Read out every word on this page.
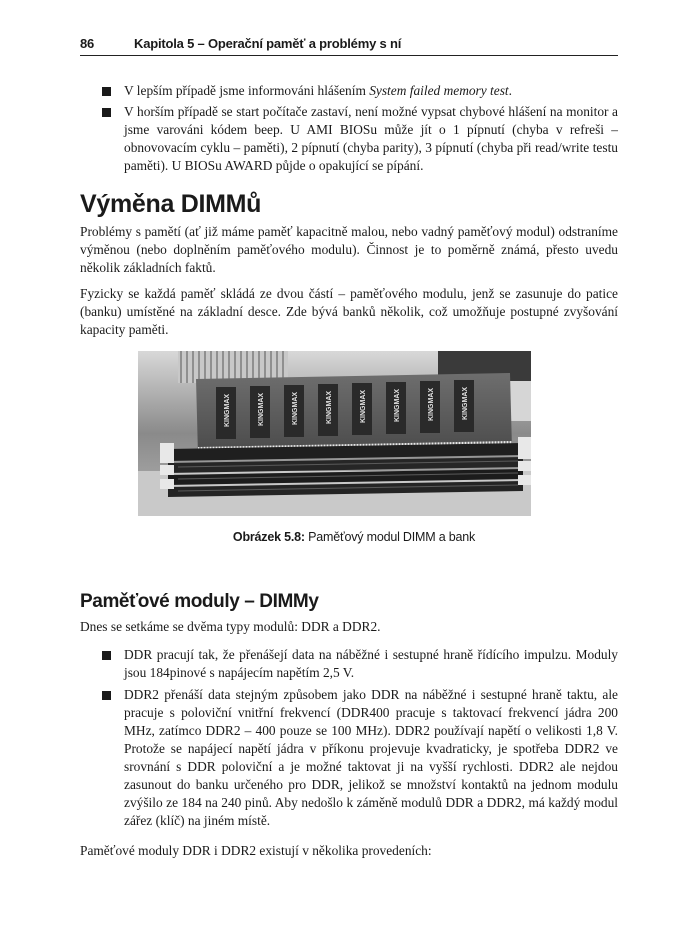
86	Kapitola 5 – Operační paměť a problémy s ní
V lepším případě jsme informováni hlášením System failed memory test.
V horším případě se start počítače zastaví, není možné vypsat chybové hlášení na monitor a jsme varováni kódem beep. U AMI BIOSu může jít o 1 pípnutí (chyba v refreši – obnovovacím cyklu – paměti), 2 pípnutí (chyba parity), 3 pípnutí (chyba při read/write testu paměti). U BIOSu AWARD půjde o opakující se pípání.
Výměna DIMMů
Problémy s pamětí (ať již máme paměť kapacitně malou, nebo vadný paměťový modul) odstraníme výměnou (nebo doplněním paměťového modulu). Činnost je to poměrně známá, přesto uvedu několik základních faktů.
Fyzicky se každá paměť skládá ze dvou částí – paměťového modulu, jenž se zasunuje do patice (banku) umístěné na základní desce. Zde bývá banků několik, což umožňuje postupné zvyšování kapacity paměti.
KINGMAX	KINGMAX	KINGMAX	KINGMAX	KINGMAX	KINGMAX	KINGMAX	KINGMAX
Obrázek 5.8: Paměťový modul DIMM a bank
Paměťové moduly – DIMMy
Dnes se setkáme se dvěma typy modulů: DDR a DDR2.
DDR pracují tak, že přenášejí data na náběžné i sestupné hraně řídícího impulzu. Moduly jsou 184pinové s napájecím napětím 2,5 V.
DDR2 přenáší data stejným způsobem jako DDR na náběžné i sestupné hraně taktu, ale pracuje s poloviční vnitřní frekvencí (DDR400 pracuje s taktovací frekvencí jádra 200 MHz, zatímco DDR2 – 400 pouze se 100 MHz). DDR2 používají napětí o velikosti 1,8 V. Protože se napájecí napětí jádra v příkonu projevuje kvadraticky, je spotřeba DDR2 ve srovnání s DDR poloviční a je možné taktovat ji na vyšší rychlosti. DDR2 ale nejdou zasunout do banku určeného pro DDR, jelikož se množství kontaktů na jednom modulu zvýšilo ze 184 na 240 pinů. Aby nedošlo k záměně modulů DDR a DDR2, má každý modul zářez (klíč) na jiném místě.
Paměťové moduly DDR i DDR2 existují v několika provedeních:
